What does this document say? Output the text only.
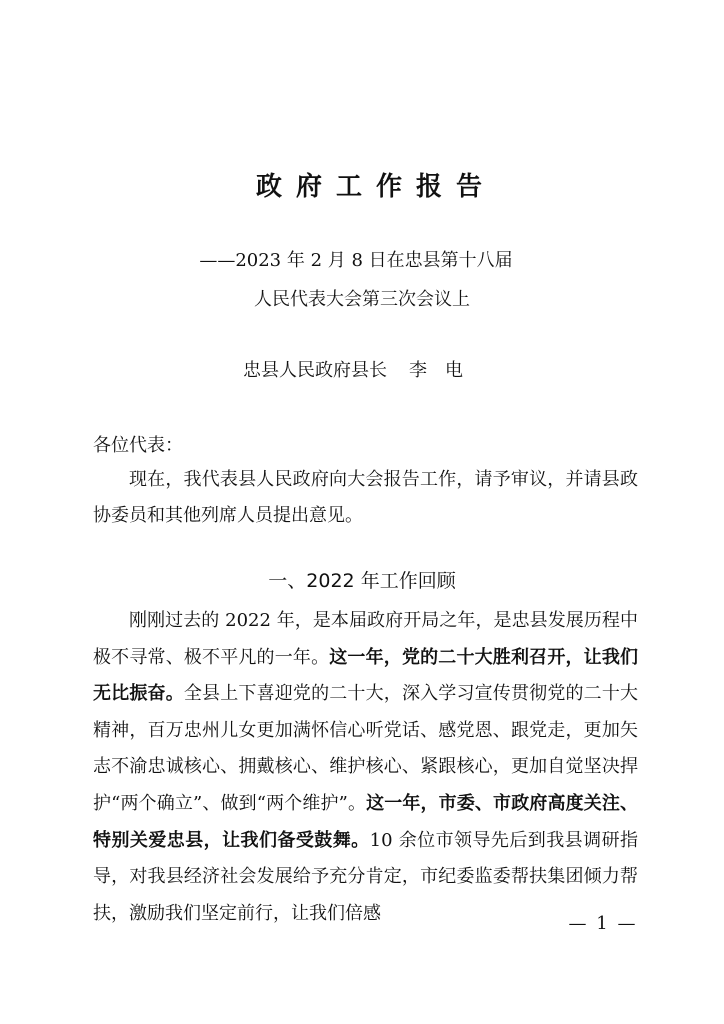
政府工作报告
——2023 年 2 月 8 日在忠县第十八届
人民代表大会第三次会议上
忠县人民政府县长 李电
各位代表：
现在，我代表县人民政府向大会报告工作，请予审议，并请县政协委员和其他列席人员提出意见。
一、2022 年工作回顾
刚刚过去的 2022 年，是本届政府开局之年，是忠县发展历程中极不寻常、极不平凡的一年。这一年，党的二十大胜利召开，让我们无比振奋。全县上下喜迎党的二十大，深入学习宣传贯彻党的二十大精神，百万忠州儿女更加满怀信心听党话、感党恩、跟党走，更加矢志不渝忠诚核心、拥戴核心、维护核心、紧跟核心，更加自觉坚决捍护“两个确立”、做到“两个维护”。这一年，市委、市政府高度关注、特别关爱忠县，让我们备受鼓舞。10 余位市领导先后到我县调研指导，对我县经济社会发展给予充分肯定，市纪委监委帮扶集团倾力帮扶，激励我们坚定前行，让我们倍感	— 1 —
